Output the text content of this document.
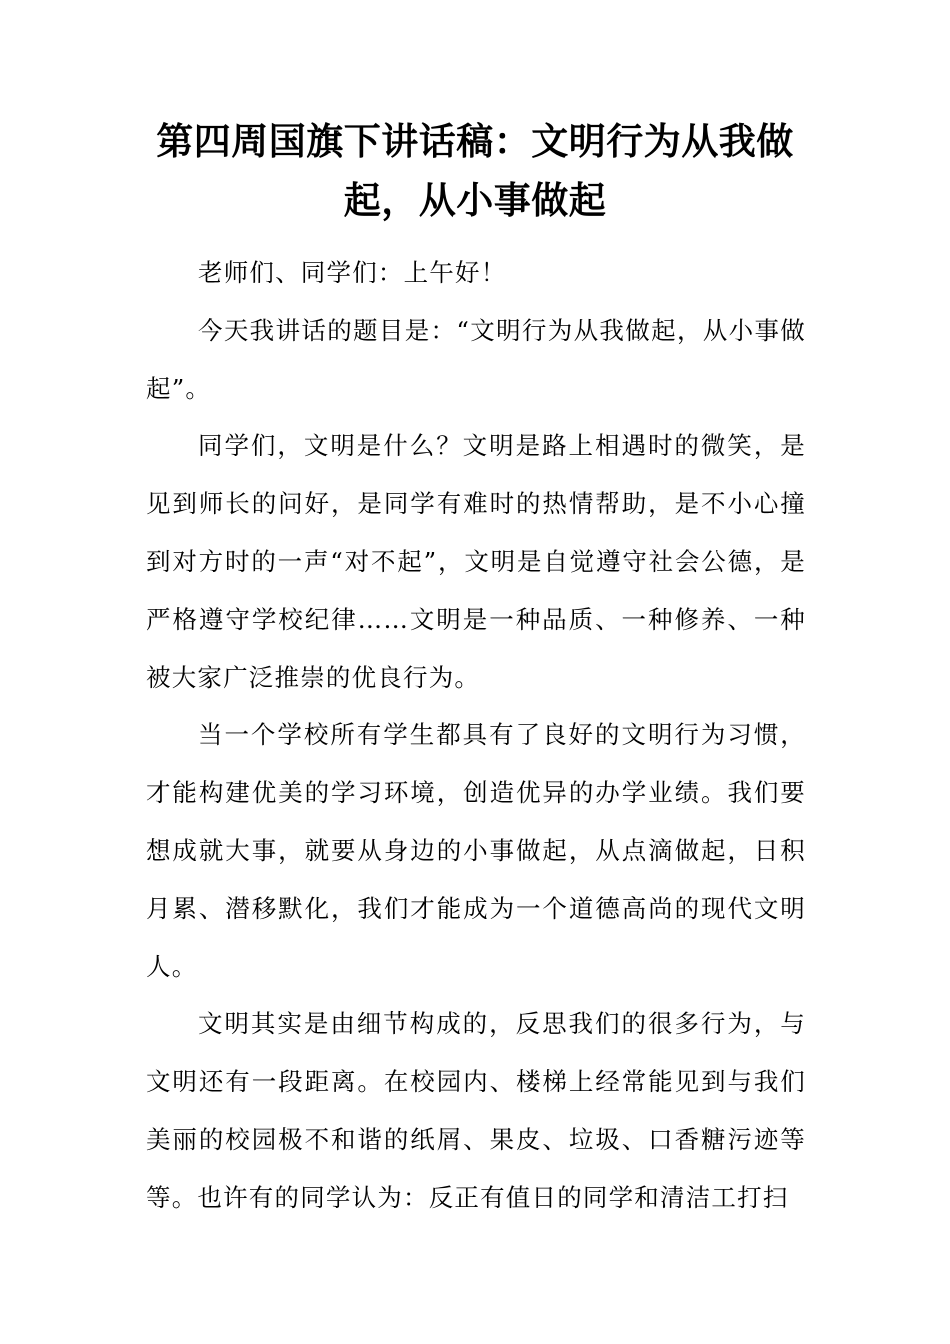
第四周国旗下讲话稿：文明行为从我做起，从小事做起

老师们、同学们：上午好！

今天我讲话的题目是：“文明行为从我做起，从小事做起”。

同学们，文明是什么？文明是路上相遇时的微笑，是见到师长的问好，是同学有难时的热情帮助，是不小心撞到对方时的一声“对不起”，文明是自觉遵守社会公德，是严格遵守学校纪律……文明是一种品质、一种修养、一种被大家广泛推崇的优良行为。

当一个学校所有学生都具有了良好的文明行为习惯，才能构建优美的学习环境，创造优异的办学业绩。我们要想成就大事，就要从身边的小事做起，从点滴做起，日积月累、潜移默化，我们才能成为一个道德高尚的现代文明人。

文明其实是由细节构成的，反思我们的很多行为，与文明还有一段距离。在校园内、楼梯上经常能见到与我们美丽的校园极不和谐的纸屑、果皮、垃圾、口香糖污迹等等。也许有的同学认为：反正有值日的同学和清洁工打扫
